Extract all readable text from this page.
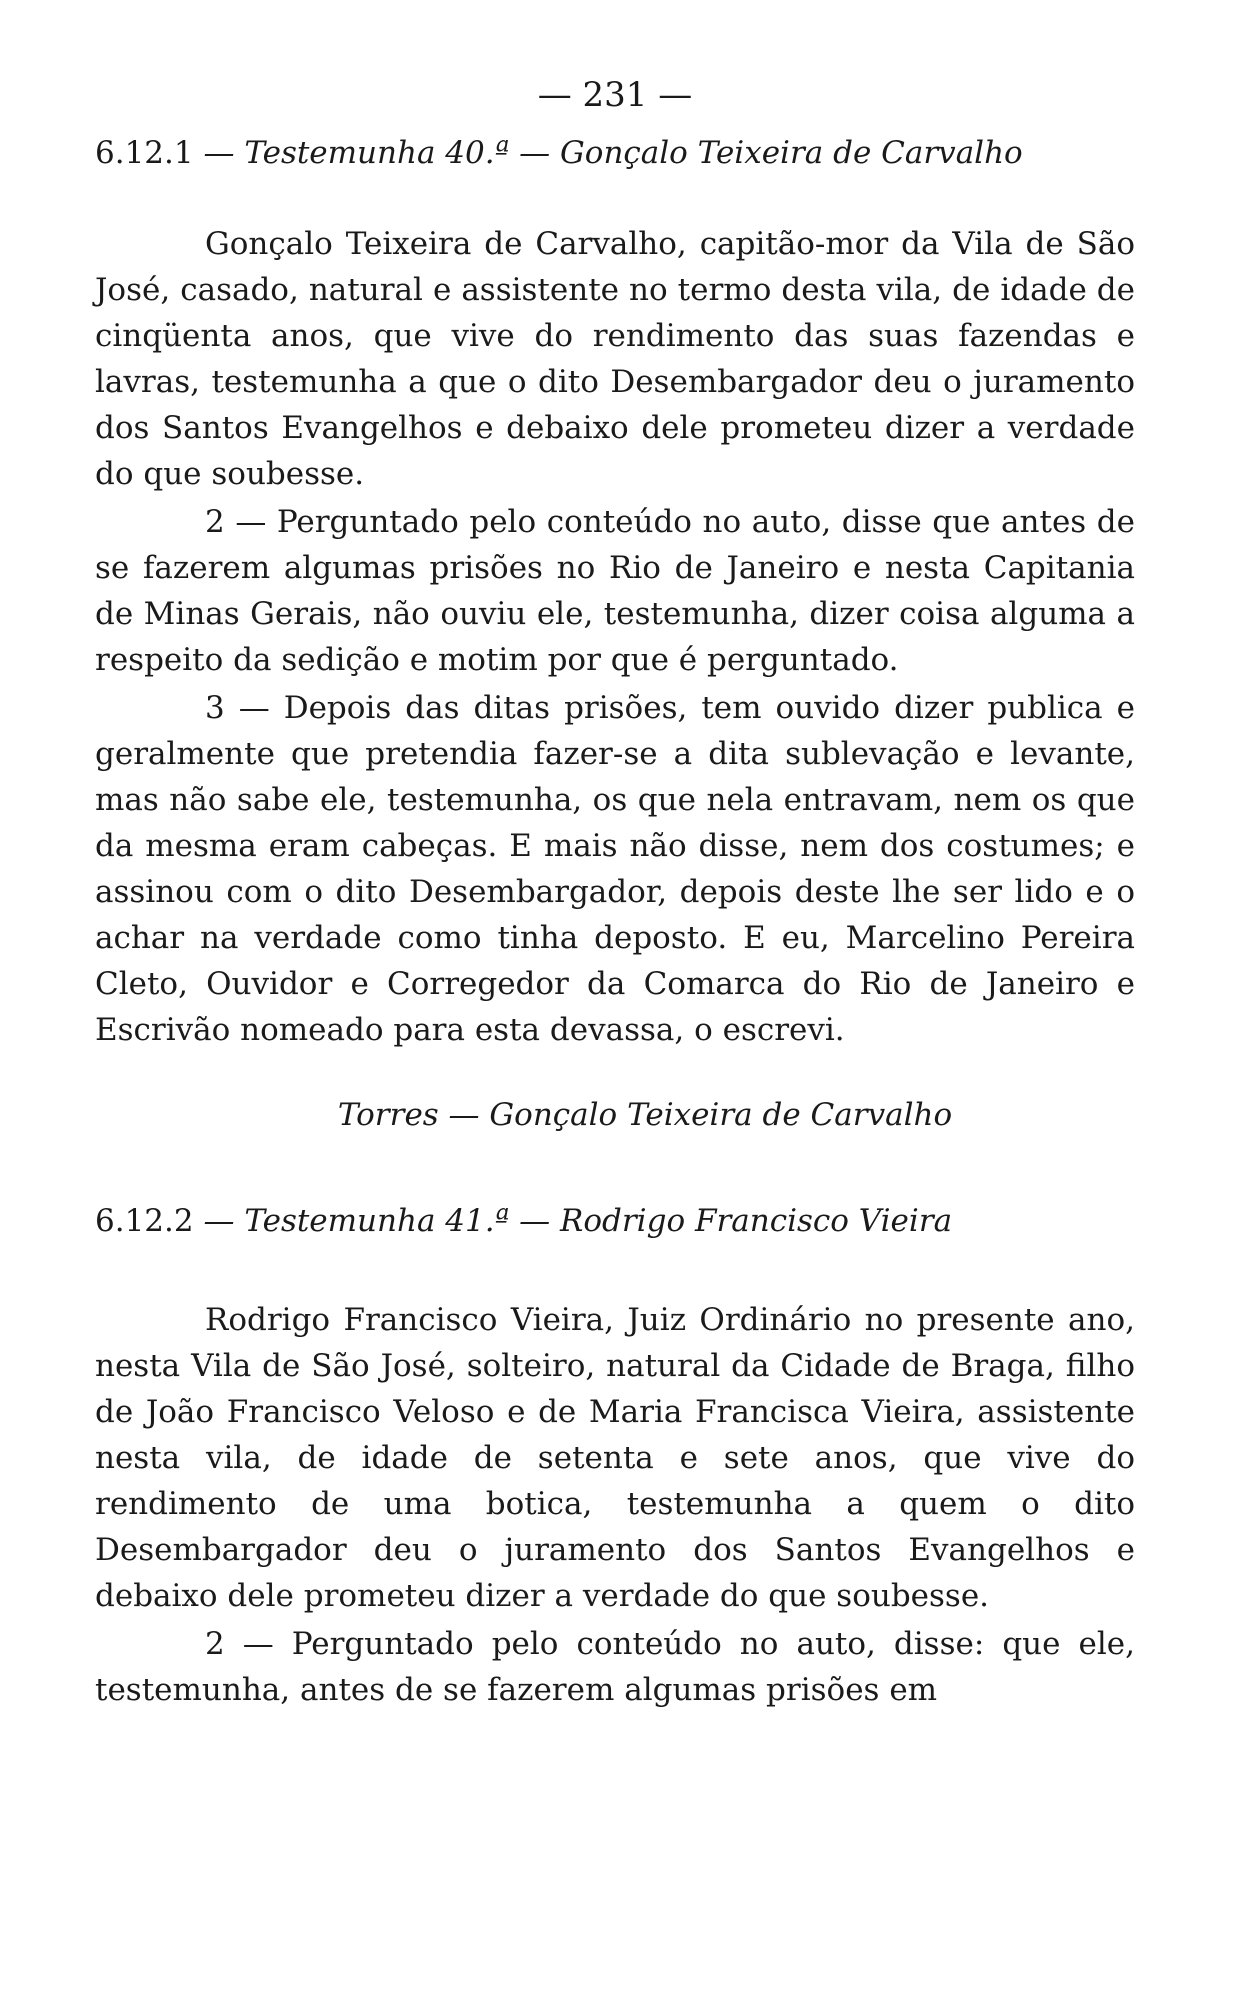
— 231 —

6.12.1 — Testemunha 40.ª — Gonçalo Teixeira de Carvalho

Gonçalo Teixeira de Carvalho, capitão-mor da Vila de São José, casado, natural e assistente no termo desta vila, de idade de cinqüenta anos, que vive do rendimento das suas fazendas e lavras, testemunha a que o dito Desembargador deu o juramento dos Santos Evangelhos e debaixo dele prometeu dizer a verdade do que soubesse.

2 — Perguntado pelo conteúdo no auto, disse que antes de se fazerem algumas prisões no Rio de Janeiro e nesta Capitania de Minas Gerais, não ouviu ele, testemunha, dizer coisa alguma a respeito da sedição e motim por que é perguntado.

3 — Depois das ditas prisões, tem ouvido dizer publica e geralmente que pretendia fazer-se a dita sublevação e levante, mas não sabe ele, testemunha, os que nela entravam, nem os que da mesma eram cabeças. E mais não disse, nem dos costumes; e assinou com o dito Desembargador, depois deste lhe ser lido e o achar na verdade como tinha deposto. E eu, Marcelino Pereira Cleto, Ouvidor e Corregedor da Comarca do Rio de Janeiro e Escrivão nomeado para esta devassa, o escrevi.

Torres — Gonçalo Teixeira de Carvalho

6.12.2 — Testemunha 41.ª — Rodrigo Francisco Vieira

Rodrigo Francisco Vieira, Juiz Ordinário no presente ano, nesta Vila de São José, solteiro, natural da Cidade de Braga, filho de João Francisco Veloso e de Maria Francisca Vieira, assistente nesta vila, de idade de setenta e sete anos, que vive do rendimento de uma botica, testemunha a quem o dito Desembargador deu o juramento dos Santos Evangelhos e debaixo dele prometeu dizer a verdade do que soubesse.

2 — Perguntado pelo conteúdo no auto, disse: que ele, testemunha, antes de se fazerem algumas prisões em
